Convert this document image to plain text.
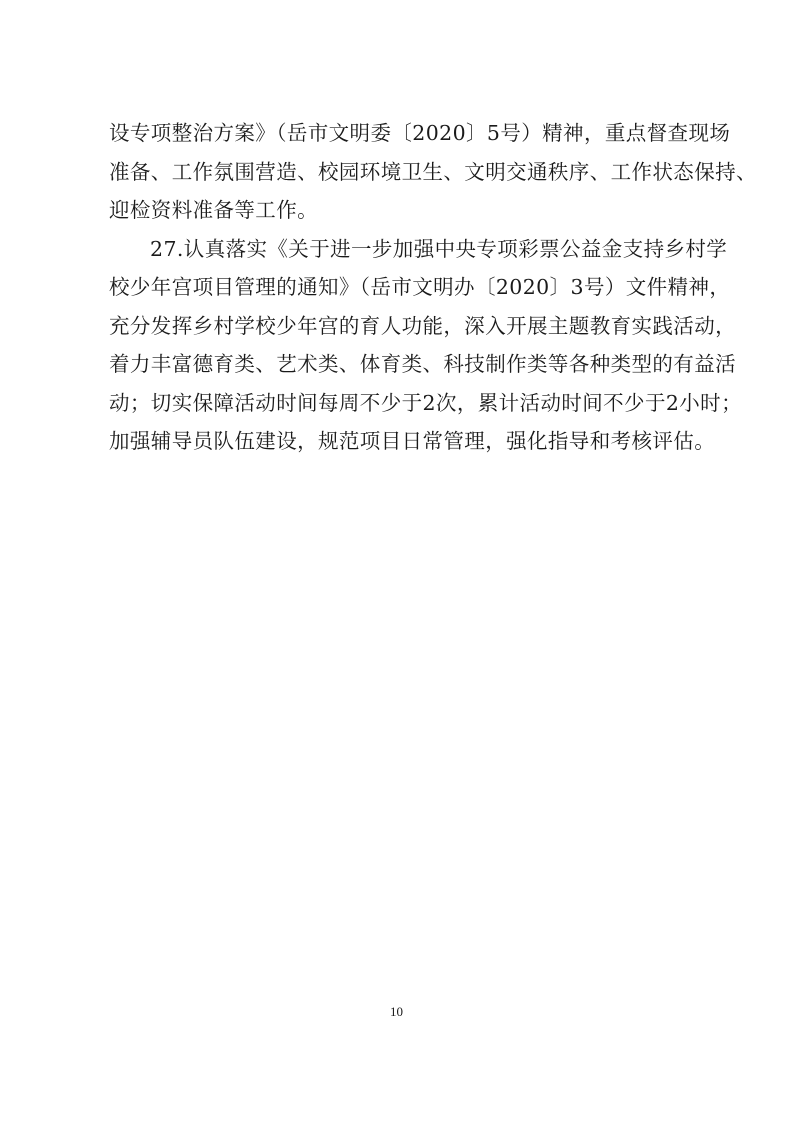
设专项整治方案》（岳市文明委〔2020〕5号）精神，重点督查现场
准备、工作氛围营造、校园环境卫生、文明交通秩序、工作状态保持、
迎检资料准备等工作。
27.认真落实《关于进一步加强中央专项彩票公益金支持乡村学
校少年宫项目管理的通知》（岳市文明办〔2020〕3号）文件精神，
充分发挥乡村学校少年宫的育人功能，深入开展主题教育实践活动，
着力丰富德育类、艺术类、体育类、科技制作类等各种类型的有益活
动；切实保障活动时间每周不少于2次，累计活动时间不少于2小时；
加强辅导员队伍建设，规范项目日常管理，强化指导和考核评估。
10
